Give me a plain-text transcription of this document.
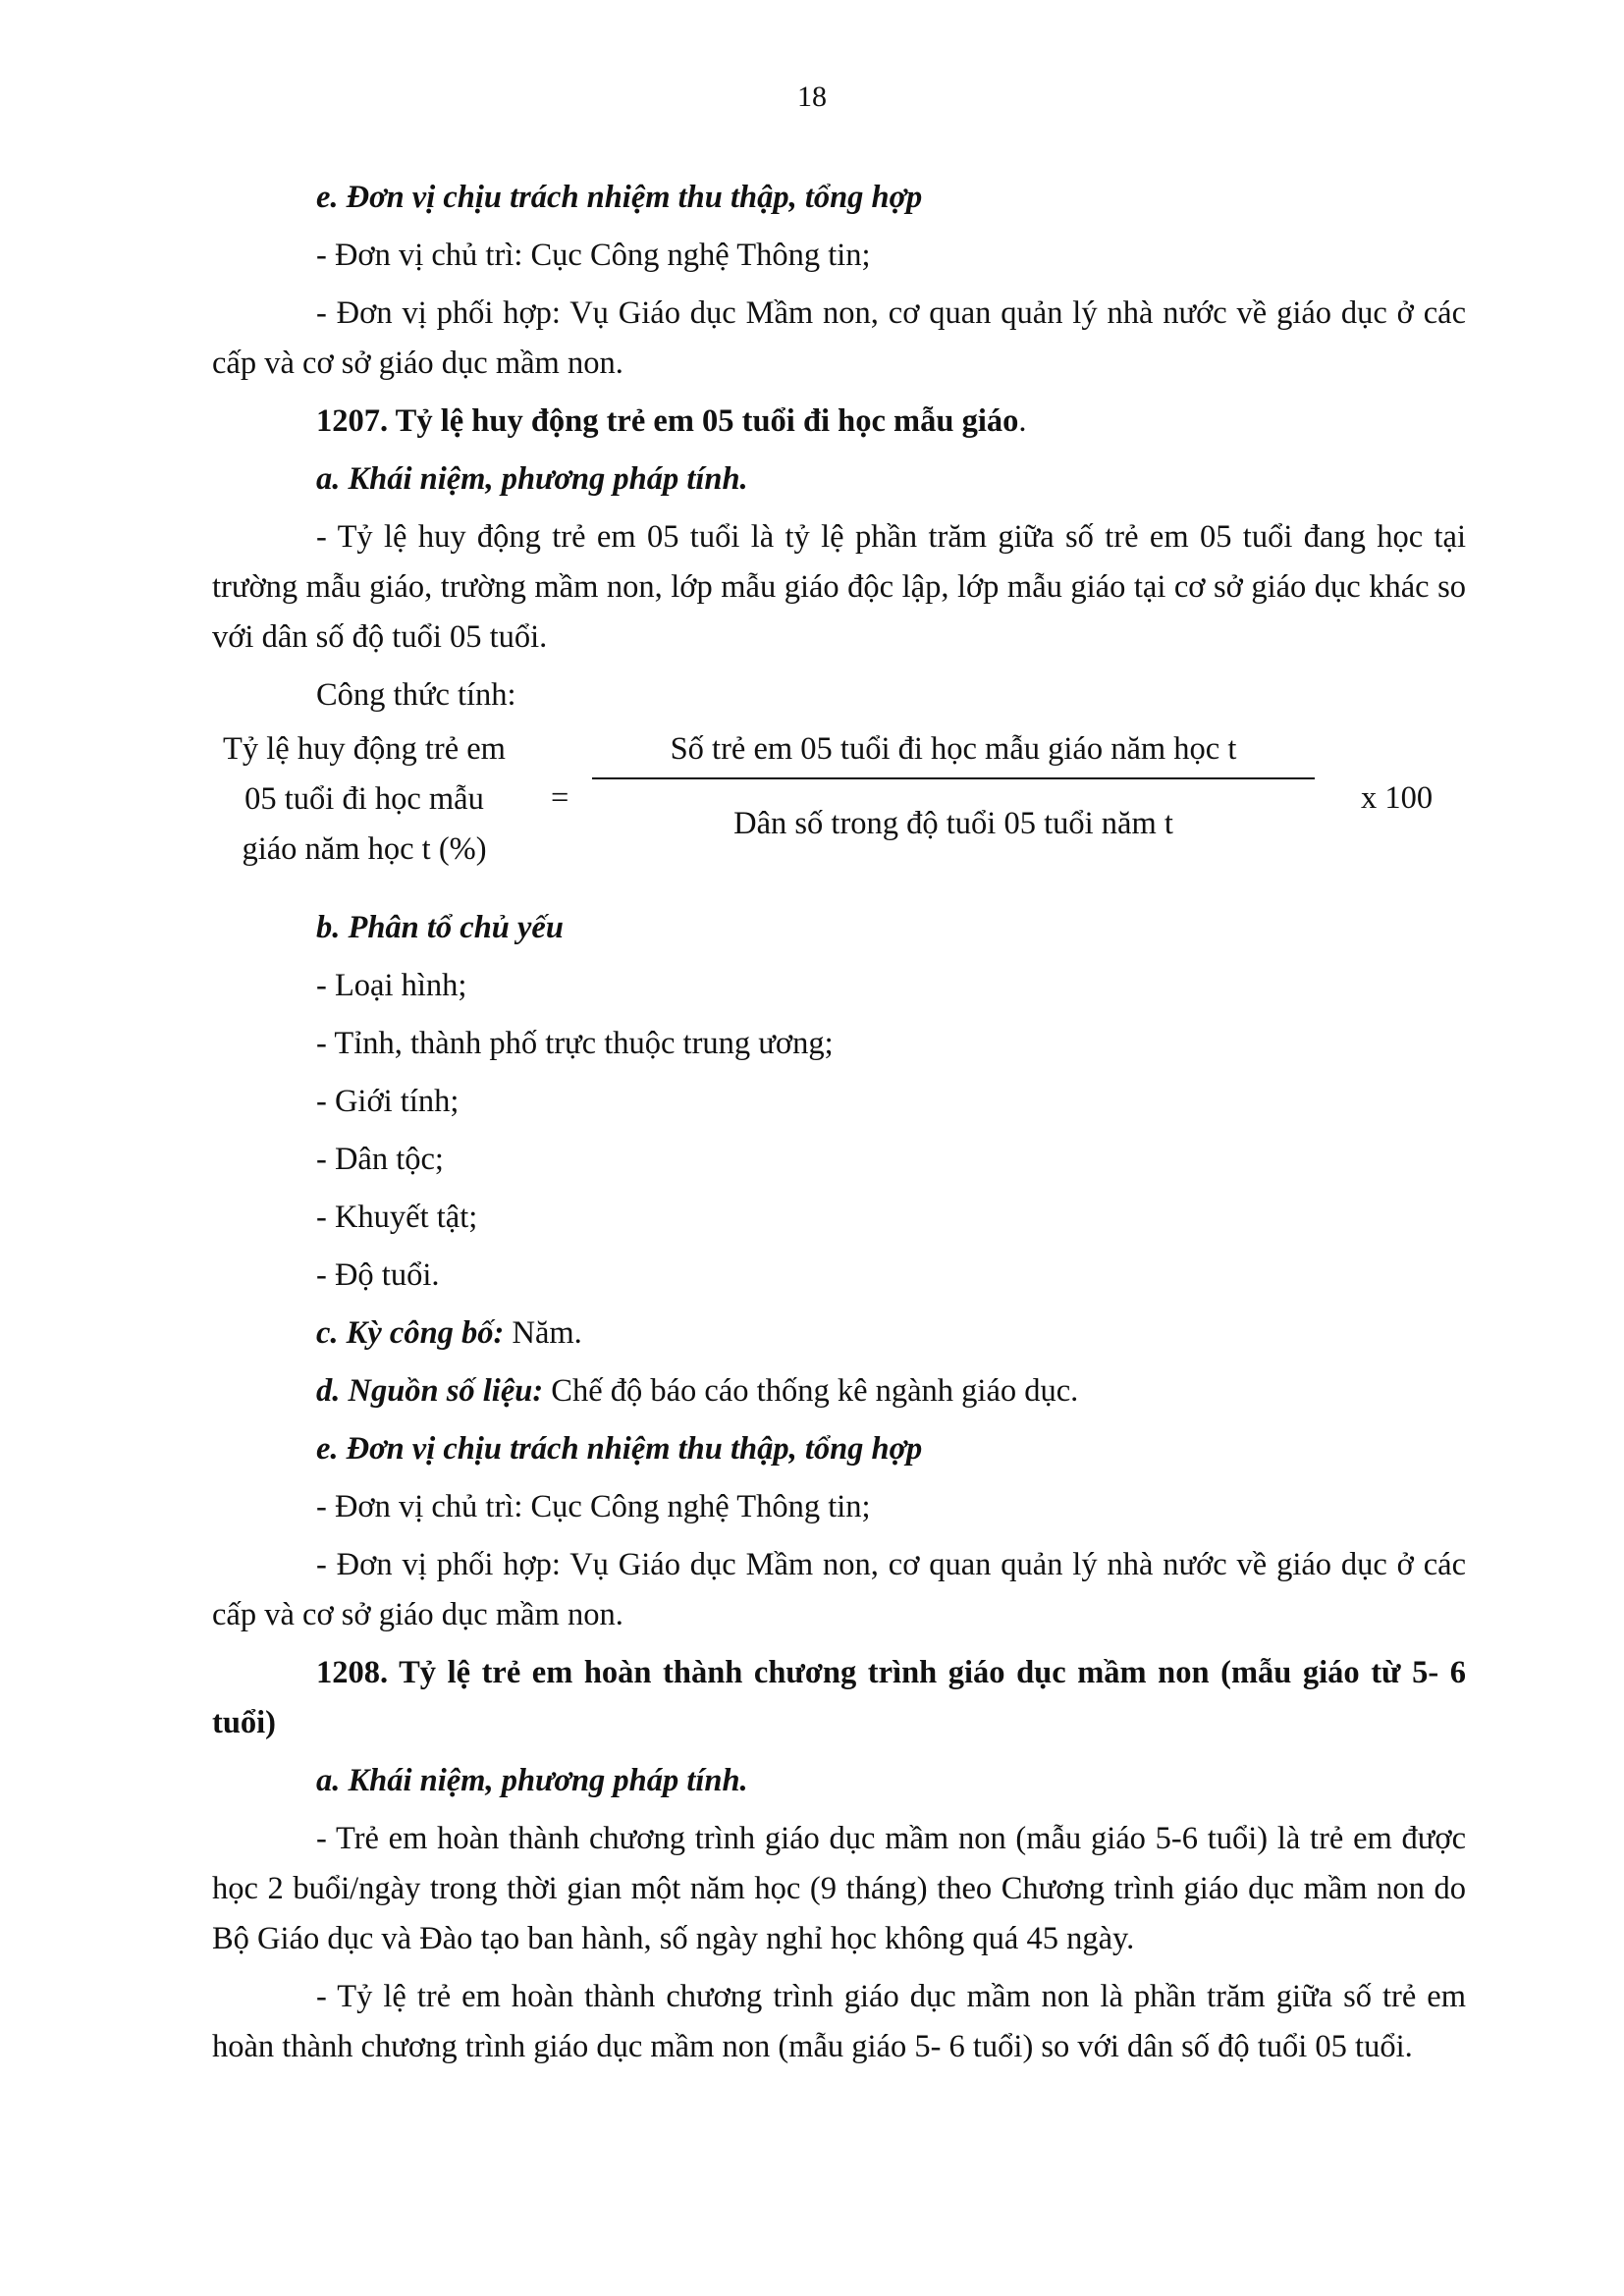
18

e. Đơn vị chịu trách nhiệm thu thập, tổng hợp

- Đơn vị chủ trì: Cục Công nghệ Thông tin;

- Đơn vị phối hợp: Vụ Giáo dục Mầm non, cơ quan quản lý nhà nước về giáo dục ở các cấp và cơ sở giáo dục mầm non.

1207. Tỷ lệ huy động trẻ em 05 tuổi đi học mẫu giáo.

a. Khái niệm, phương pháp tính.

- Tỷ lệ huy động trẻ em 05 tuổi là tỷ lệ phần trăm giữa số trẻ em 05 tuổi đang học tại trường mẫu giáo, trường mầm non, lớp mẫu giáo độc lập, lớp mẫu giáo tại cơ sở giáo dục khác so với dân số độ tuổi 05 tuổi.

Công thức tính:

Tỷ lệ huy động trẻ em
05 tuổi đi học mẫu
giáo năm học t (%)
=
Số trẻ em 05 tuổi đi học mẫu giáo năm học t
Dân số trong độ tuổi 05 tuổi năm t
x 100

b. Phân tổ chủ yếu

- Loại hình;

- Tỉnh, thành phố trực thuộc trung ương;

- Giới tính;

- Dân tộc;

- Khuyết tật;

- Độ tuổi.

c. Kỳ công bố: Năm.

d. Nguồn số liệu: Chế độ báo cáo thống kê ngành giáo dục.

e. Đơn vị chịu trách nhiệm thu thập, tổng hợp

- Đơn vị chủ trì: Cục Công nghệ Thông tin;

- Đơn vị phối hợp: Vụ Giáo dục Mầm non, cơ quan quản lý nhà nước về giáo dục ở các cấp và cơ sở giáo dục mầm non.

1208. Tỷ lệ trẻ em hoàn thành chương trình giáo dục mầm non (mẫu giáo từ 5- 6 tuổi)

a. Khái niệm, phương pháp tính.

- Trẻ em hoàn thành chương trình giáo dục mầm non (mẫu giáo 5-6 tuổi) là trẻ em được học 2 buổi/ngày trong thời gian một năm học (9 tháng) theo Chương trình giáo dục mầm non do Bộ Giáo dục và Đào tạo ban hành, số ngày nghỉ học không quá 45 ngày.

- Tỷ lệ trẻ em hoàn thành chương trình giáo dục mầm non là phần trăm giữa số trẻ em hoàn thành chương trình giáo dục mầm non (mẫu giáo 5- 6 tuổi) so với dân số độ tuổi 05 tuổi.
